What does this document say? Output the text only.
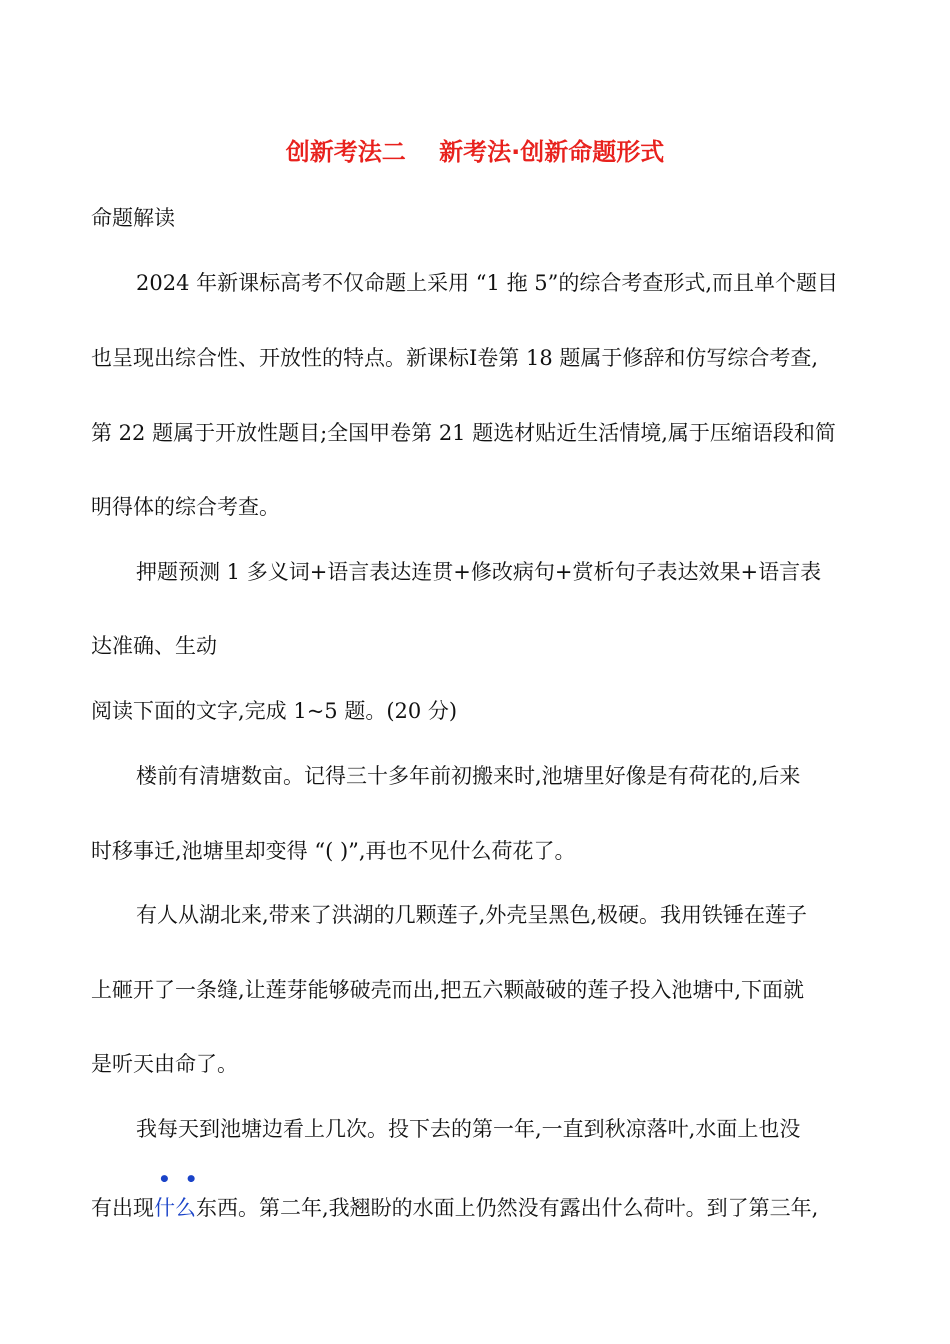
创新考法二    新考法·创新命题形式
命题解读
2024 年新课标高考不仅命题上采用 “1 拖 5”的综合考查形式,而且单个题目
也呈现出综合性、开放性的特点。新课标Ⅰ卷第 18 题属于修辞和仿写综合考查,
第 22 题属于开放性题目;全国甲卷第 21 题选材贴近生活情境,属于压缩语段和简
明得体的综合考查。
押题预测 1 多义词+语言表达连贯+修改病句+赏析句子表达效果+语言表
达准确、生动
阅读下面的文字,完成 1~5 题。(20 分)
楼前有清塘数亩。记得三十多年前初搬来时,池塘里好像是有荷花的,后来
时移事迁,池塘里却变得 “( )”,再也不见什么荷花了。
有人从湖北来,带来了洪湖的几颗莲子,外壳呈黑色,极硬。我用铁锤在莲子
上砸开了一条缝,让莲芽能够破壳而出,把五六颗敲破的莲子投入池塘中,下面就
是听天由命了。
我每天到池塘边看上几次。投下去的第一年,一直到秋凉落叶,水面上也没
有出现
••
什么东西。第二年,我翘盼的水面上仍然没有露出什么荷叶。到了第三年,
